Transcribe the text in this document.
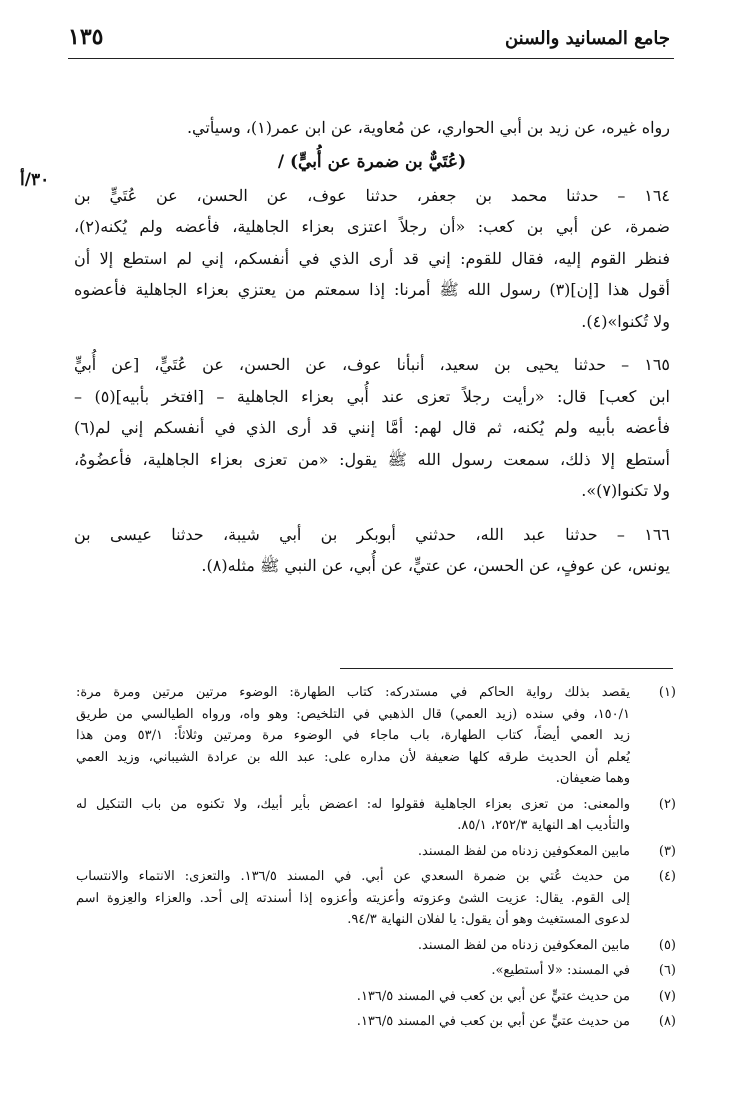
١٣٥	جامع المسانيد والسنن
٣٠/أ
رواه غيره، عن زيد بن أبي الحواري، عن مُعاوية، عن ابن عمر(١)، وسيأتي.
(عُتَيٌّ بن ضمرة عن أُبيٍّ) /
١٦٤ – حدثنا محمد بن جعفر، حدثنا عوف، عن الحسن، عن عُتَيٍّ بن
ضمرة، عن أبي بن كعب: «أن رجلاً اعتزى بعزاء الجاهلية، فأعضه ولم يُكنه(٢)،
فنظر القوم إليه، فقال للقوم: إني قد أرى الذي في أنفسكم، إني لم استطع إلا أن
أقول هذا [إن](٣) رسول الله ﷺ أمرنا: إذا سمعتم من يعتزي بعزاء الجاهلية فأعضوه
ولا تُكنوا»(٤).
١٦٥ – حدثنا يحيى بن سعيد، أنبأنا عوف، عن الحسن، عن عُتَيٍّ، [عن أُبيٍّ
ابن كعب] قال: «رأيت رجلاً تعزى عند أُبي بعزاء الجاهلية – [افتخر بأبيه](٥) –
فأعضه بأبيه ولم يُكنه، ثم قال لهم: أمَّا إنني قد أرى الذي في أنفسكم إني لم(٦)
أستطع إلا ذلك، سمعت رسول الله ﷺ يقول: «من تعزى بعزاء الجاهلية، فأعضُوهُ،
ولا تكنوا(٧)».
١٦٦ – حدثنا عبد الله، حدثني أبوبكر بن أبي شيبة، حدثنا عيسى بن
يونس، عن عوفٍ، عن الحسن، عن عتيٍّ، عن أُبي، عن النبي ﷺ مثله(٨).
(١)
يقصد بذلك رواية الحاكم في مستدركه: كتاب الطهارة: الوضوء مرتين مرتين ومرة مرة:
١٥٠/١، وفي سنده (زيد العمي) قال الذهبي في التلخيص: وهو واه، ورواه الطيالسي من طريق
زيد العمي أيضاً، كتاب الطهارة، باب ماجاء في الوضوء مرة ومرتين وثلاثاً: ٥٣/١ ومن هذا
يُعلم أن الحديث طرقه كلها ضعيفة لأن مداره على: عبد الله بن عرادة الشيباني، وزيد العمي
وهما ضعيفان.
(٢)
والمعنى: من تعزى بعزاء الجاهلية فقولوا له: اعضض بأير أبيك، ولا تكنوه من باب التنكيل له
والتأديب اهـ النهاية ٢٥٢/٣، ٨٥/١.
(٣)
مابين المعكوفين زدناه من لفظ المسند.
(٤)
من حديث عُتي بن ضمرة السعدي عن أبي. في المسند ١٣٦/٥. والتعزى: الانتماء والانتساب
إلى القوم. يقال: عزيت الشئ وعزوته وأعزيته وأعزوه إذا أسندته إلى أحد. والعزاء والعِزوة اسم
لدعوى المستغيث وهو أن يقول: يا لفلان النهاية ٩٤/٣.
(٥)
مابين المعكوفين زدناه من لفظ المسند.
(٦)
في المسند: «لا أستطيع».
(٧)
من حديث عتيٍّ عن أبي بن كعب في المسند ١٣٦/٥.
(٨)
من حديث عتيٍّ عن أبي بن كعب في المسند ١٣٦/٥.
